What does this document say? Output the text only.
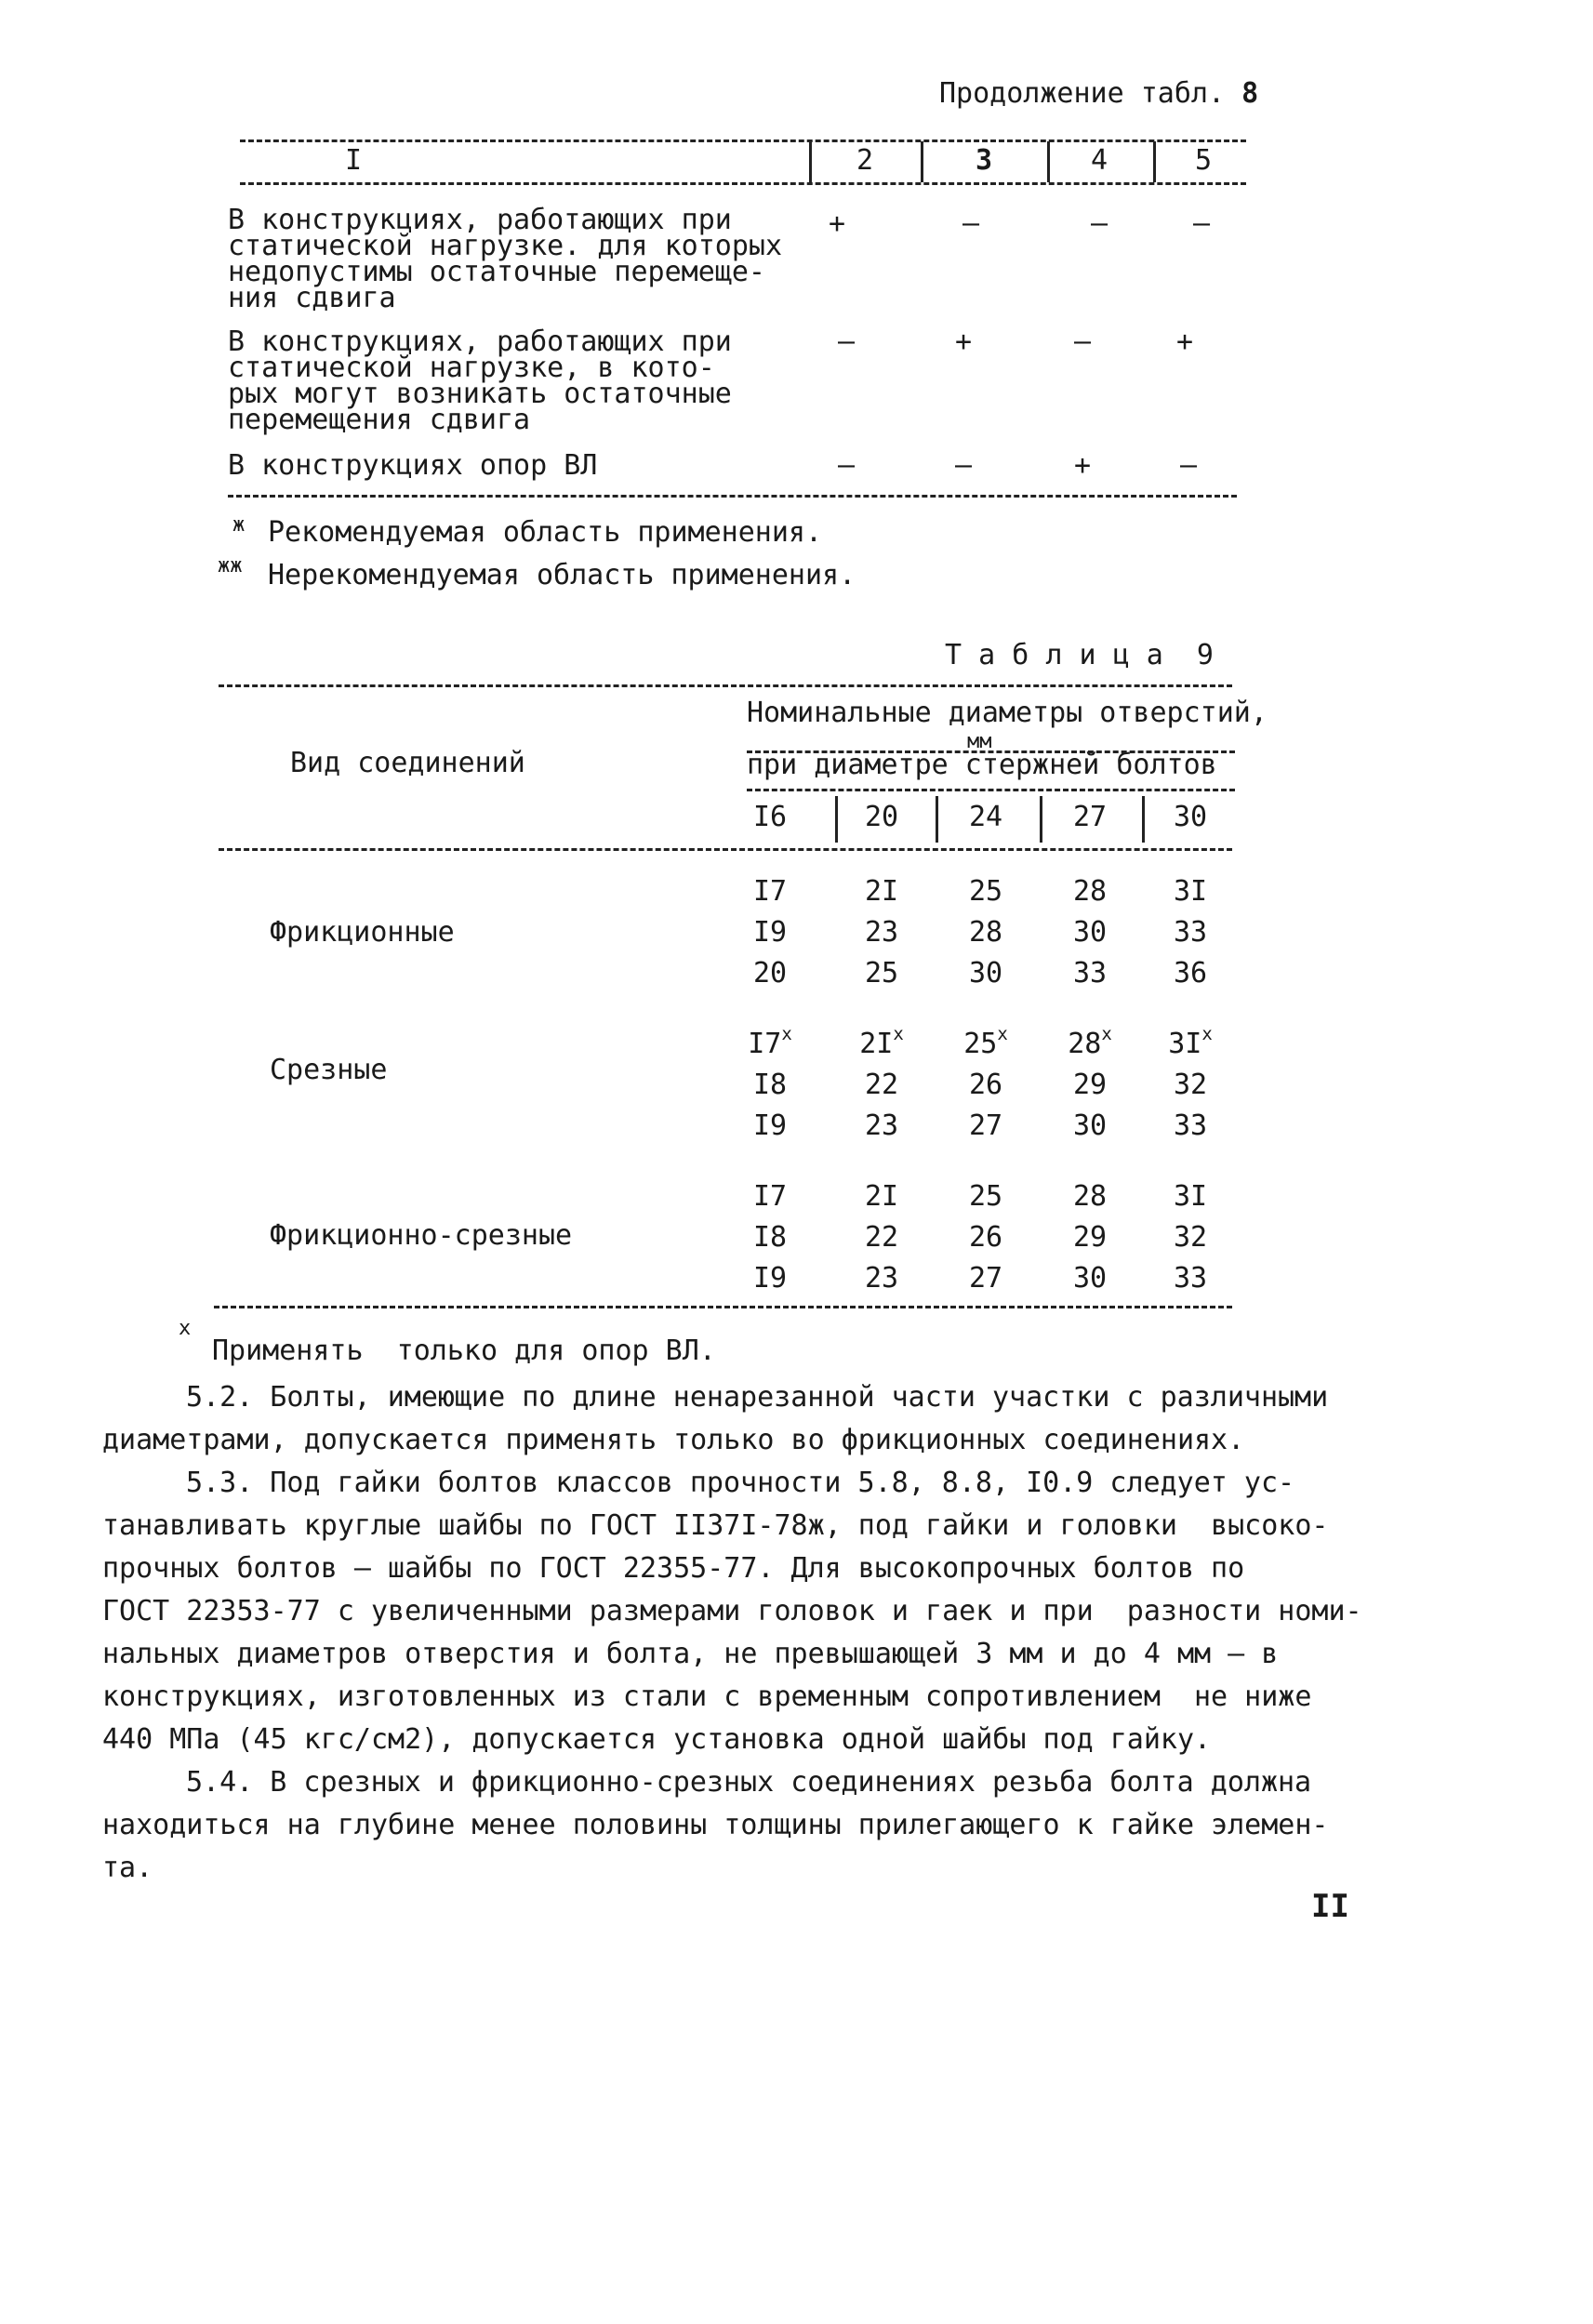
Продолжение табл. 8
I	2	3	4	5
В конструкциях, работающих при
статической нагрузке. для которых
недопустимы остаточные перемеще-
ния сдвига
+	–	–	–
В конструкциях, работающих при
статической нагрузке, в кото-
рых могут возникать остаточные
перемещения сдвига
–	+	–	+
В конструкциях опор ВЛ	–	–	+	–
ж Рекомендуемая область применения.
жж Нерекомендуемая область применения.
Т а б л и ц а  9
Номинальные диаметры отверстий,
мм
при диаметре стержней болтов
Вид соединений
I6	20	24	27	30
Фрикционные
I7	2I	25	28	3I
I9	23	28	30	33
20	25	30	33	36
Срезные
$I7^х$ $2I^х$ $25^х$ $28^х$ $3I^х$
I8	22	26	29	32
I9	23	27	30	33
Фрикционно-срезные
I7	2I	25	28	3I
I8	22	26	29	32
I9	23	27	30	33
х
Применять  только для опор ВЛ.
5.2. Болты, имеющие по длине ненарезанной части участки с различными
диаметрами, допускается применять только во фрикционных соединениях.
5.3. Под гайки болтов классов прочности 5.8, 8.8, I0.9 следует ус-
танавливать круглые шайбы по ГОСТ II37I-78ж, под гайки и головки  высоко-
прочных болтов – шайбы по ГОСТ 22355-77. Для высокопрочных болтов по
ГОСТ 22353-77 с увеличенными размерами головок и гаек и при  разности номи-
нальных диаметров отверстия и болта, не превышающей 3 мм и до 4 мм – в
конструкциях, изготовленных из стали с временным сопротивлением  не ниже
440 МПа (45 кгс/см2), допускается установка одной шайбы под гайку.
5.4. В срезных и фрикционно-срезных соединениях резьба болта должна
находиться на глубине менее половины толщины прилегающего к гайке элемен-
та.
II
